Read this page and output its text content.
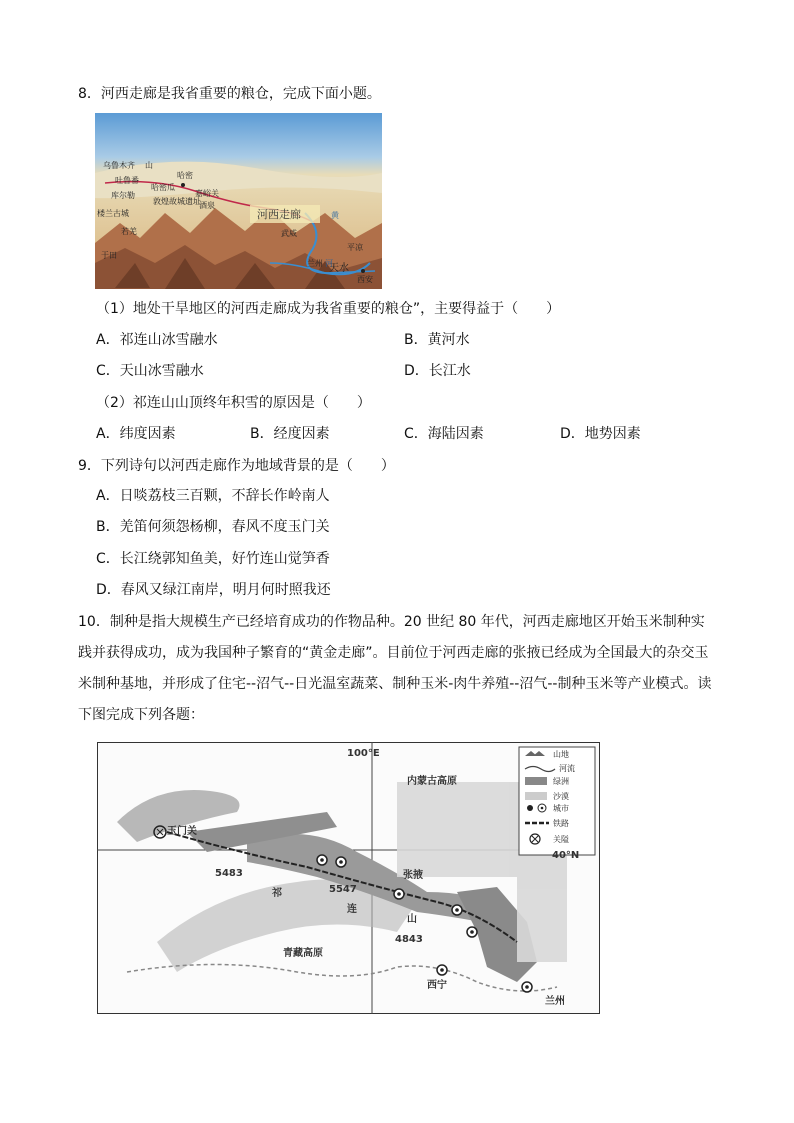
8．河西走廊是我省重要的粮仓，完成下面小题。
乌鲁木齐 山
吐鲁番
哈密
库尔勒
哈密瓜
楼兰古城
敦煌故城遗址
嘉峪关
酒泉
若羌
于田
河西走廊
武威
黄
河
兰州 天水
平凉
西安
（1）地处干旱地区的河西走廊成为我省重要的粮仓”，主要得益于（　　）
A．祁连山冰雪融水	B．黄河水
C．天山冰雪融水	D．长江水
（2）祁连山山顶终年积雪的原因是（　　）
A．纬度因素	B．经度因素	C．海陆因素	D．地势因素
9．下列诗句以河西走廊作为地域背景的是（　　）
A．日啖荔枝三百颗，不辞长作岭南人
B．羌笛何须怨杨柳，春风不度玉门关
C．长江绕郭知鱼美，好竹连山觉笋香
D．春风又绿江南岸，明月何时照我还
10．制种是指大规模生产已经培育成功的作物品种。20 世纪 80 年代，河西走廊地区开始玉米制种实践并获得成功，成为我国种子繁育的“黄金走廊”。目前位于河西走廊的张掖已经成为全国最大的杂交玉米制种基地，并形成了住宅--沼气--日光温室蔬菜、制种玉米-肉牛养殖--沼气--制种玉米等产业模式。读下图完成下列各题：
100°E
40°N
内蒙古高原
玉门关
张掖
青藏高原
西宁
兰州
祁
连
山
5483
5547
4843
山地
河流
绿洲
沙漠
城市
铁路
关隘
